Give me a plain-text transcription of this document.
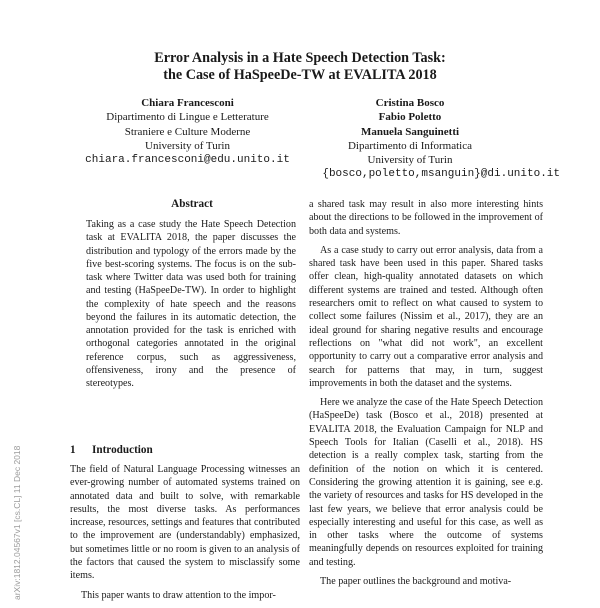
arXiv:1812.04567v1 [cs.CL] 11 Dec 2018
Error Analysis in a Hate Speech Detection Task:
the Case of HaSpeeDe-TW at EVALITA 2018
Chiara Francesconi
Dipartimento di Lingue e Letterature
Straniere e Culture Moderne
University of Turin
chiara.francesconi@edu.unito.it
Cristina Bosco
Fabio Poletto
Manuela Sanguinetti
Dipartimento di Informatica
University of Turin
{bosco,poletto,msanguin}@di.unito.it
Abstract

Taking as a case study the Hate Speech Detection task at EVALITA 2018, the paper discusses the distribution and typology of the errors made by the five best-scoring systems. The focus is on the sub-task where Twitter data was used both for training and testing (HaSpeeDe-TW). In order to highlight the complexity of hate speech and the reasons beyond the failures in its automatic detection, the annotation provided for the task is enriched with orthogonal categories annotated in the original reference corpus, such as aggressiveness, offensiveness, irony and the presence of stereotypes.

1 Introduction

The field of Natural Language Processing witnesses an ever-growing number of automated systems trained on annotated data and built to solve, with remarkable results, the most diverse tasks. As performances increase, resources, settings and features that contributed to the improvement are (understandably) emphasized, but sometimes little or no room is given to an analysis of the factors that caused the system to misclassify some items.

This paper wants to draw attention to the impor-

a shared task may result in also more interesting hints about the directions to be followed in the improvement of both data and systems.

As a case study to carry out error analysis, data from a shared task have been used in this paper. Shared tasks offer clean, high-quality annotated datasets on which different systems are trained and tested. Although often researchers omit to reflect on what caused to system to collect some failures (Nissim et al., 2017), they are an ideal ground for sharing negative results and encourage reflections on "what did not work", an excellent opportunity to carry out a comparative error analysis and search for patterns that may, in turn, suggest improvements in both the dataset and the systems.

Here we analyze the case of the Hate Speech Detection (HaSpeeDe) task (Bosco et al., 2018) presented at EVALITA 2018, the Evaluation Campaign for NLP and Speech Tools for Italian (Caselli et al., 2018). HS detection is a really complex task, starting from the definition of the notion on which it is centered. Considering the growing attention it is gaining, see e.g. the variety of resources and tasks for HS developed in the last few years, we believe that error analysis could be especially interesting and useful for this case, as well as in other tasks where the outcome of systems meaningfully depends on resources exploited for training and testing.

The paper outlines the background and motiva-
